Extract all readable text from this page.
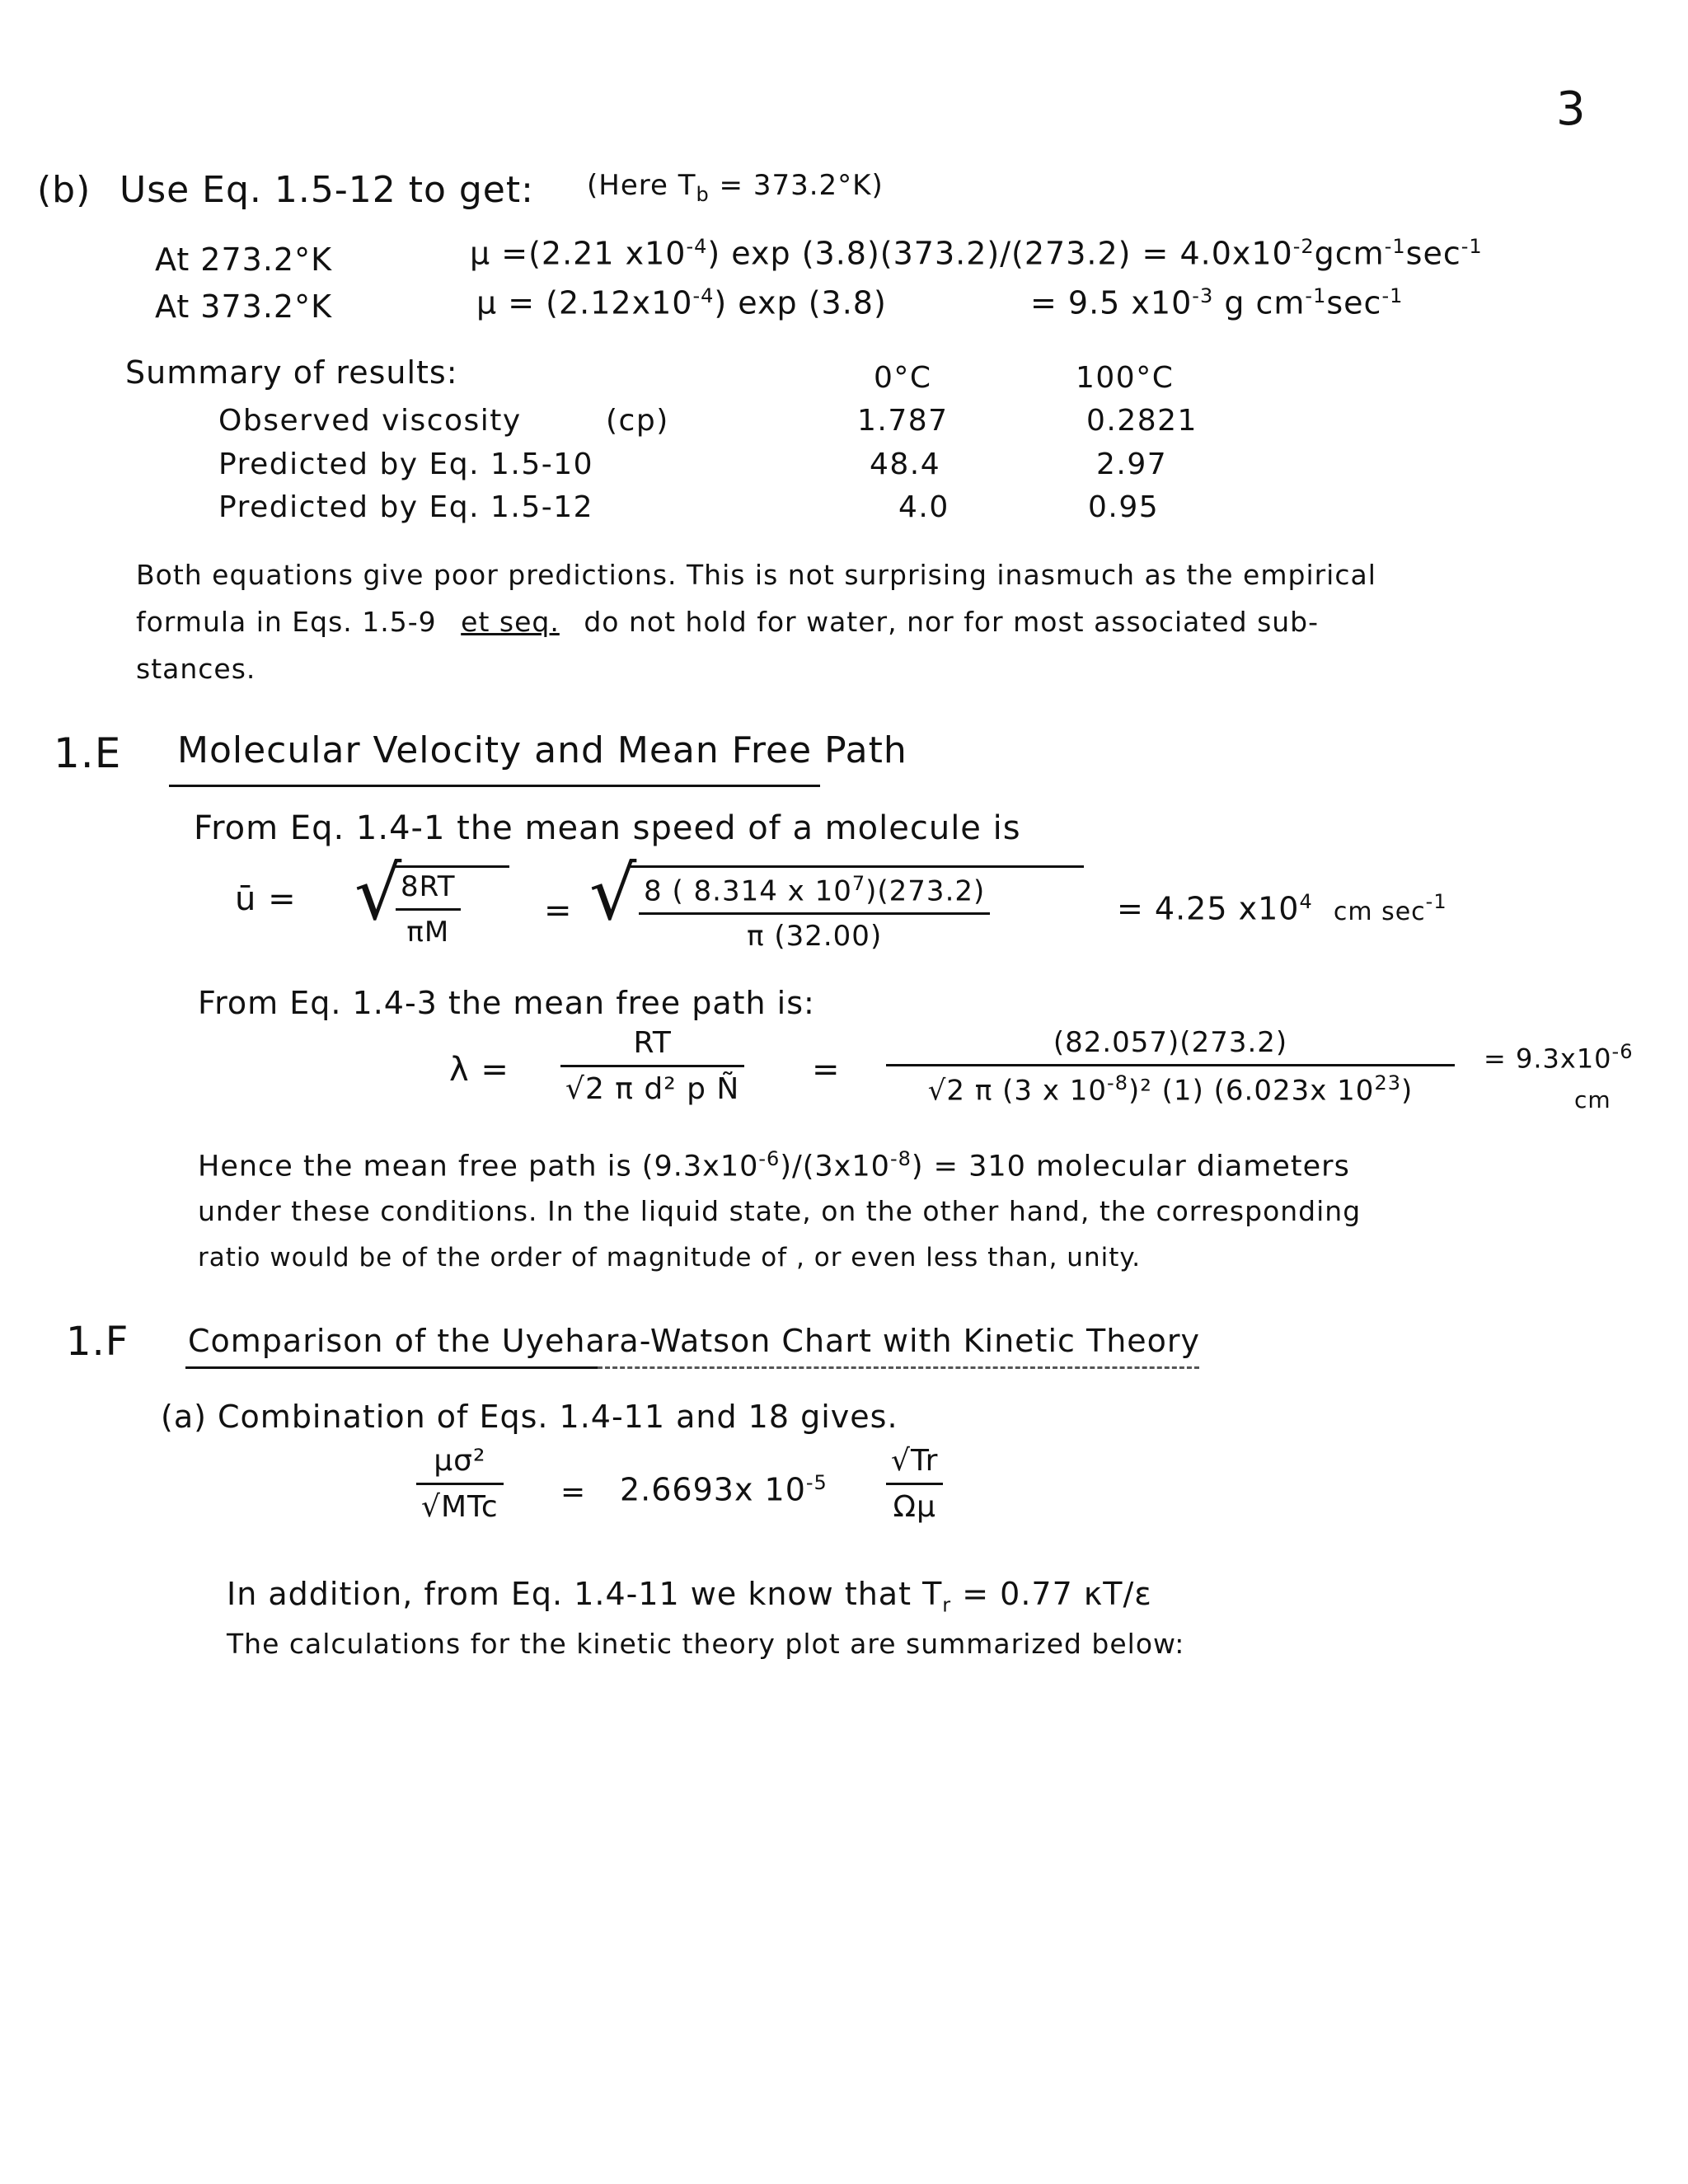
3
(b) Use Eq. 1.5-12 to get: (Here $T_b = 373.2^\circ K$)
At 273.2°K	μ =(2.21 $x10^{-4}$) $\exp (3.8)(373.2)/(273.2) = 4.0x10^{-2}gcm^{-1}\sec^{-1}$
At 373.2°K	$\mu = (2.12x10^{-4})$ exp (3.8)	= 9.5 $x10^{-3}$ g $cm^{-1}\sec^{-1}$
Summary of results:	0°C	100°C
Observed viscosity	(cp)	1.787	0.2821
Predicted by Eq. 1.5-10	48.4	2.97
Predicted by Eq. 1.5-12	4.0	0.95
Both equations give poor predictions. This is not surprising inasmuch as the empirical
formula in Eqs. 1.5-9 et seq. do not hold for water, nor for most associated sub-
stances.
1.E Molecular Velocity and Mean Free Path
From Eq. 1.4-1 the mean speed of a molecule is
ū = √
8RT
πM
= √ 8 ( 8.314 x $10^7)(273.2)$
π (32.00)
= 4.25 $x10^4$ cm $\sec^{-1}$
From Eq. 1.4-3 the mean free path is:
λ =
RT
√2 π d² p Ñ
=
(82.057)(273.2)
√2 π (3 x $10^{-8})^2$ (1) (6.023x $10^{23}$)
= $9.3x10^{-6}$
cm
Hence the mean free path is $(9.3x10^{-6})/(3x10^{-8}) = 310$ molecular diameters
under these conditions. In the liquid state, on the other hand, the corresponding
ratio would be of the order of magnitude of , or even less than, unity.
1.F Comparison of the Uyehara-Watson Chart with Kinetic Theory
(a) Combination of Eqs. 1.4-11 and 18 gives.
μσ²
√MTc = 2.6693x $10^{-5}$
√Tr
Ωμ
In addition, from Eq. 1.4-11 we know that $T_r = 0.77$ κT/ε
The calculations for the kinetic theory plot are summarized below:
